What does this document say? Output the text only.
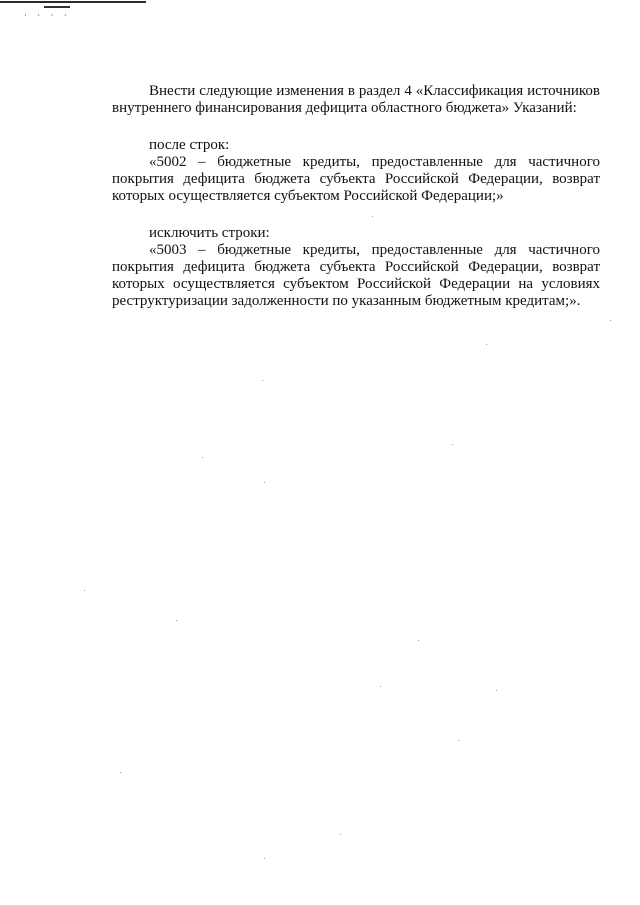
· · · ·

Внести следующие изменения в раздел 4 «Классификация источников внутреннего финансирования дефицита областного бюджета» Указаний:

после строк:

«5002 – бюджетные кредиты, предоставленные для частичного покрытия дефицита бюджета субъекта Российской Федерации, возврат которых осуществляется субъектом Российской Федерации;»

исключить строки:

«5003 – бюджетные кредиты, предоставленные для частичного покрытия дефицита бюджета субъекта Российской Федерации, возврат которых осуществляется субъектом Российской Федерации на условиях реструктуризации задолженности по указанным бюджетным кредитам;».
